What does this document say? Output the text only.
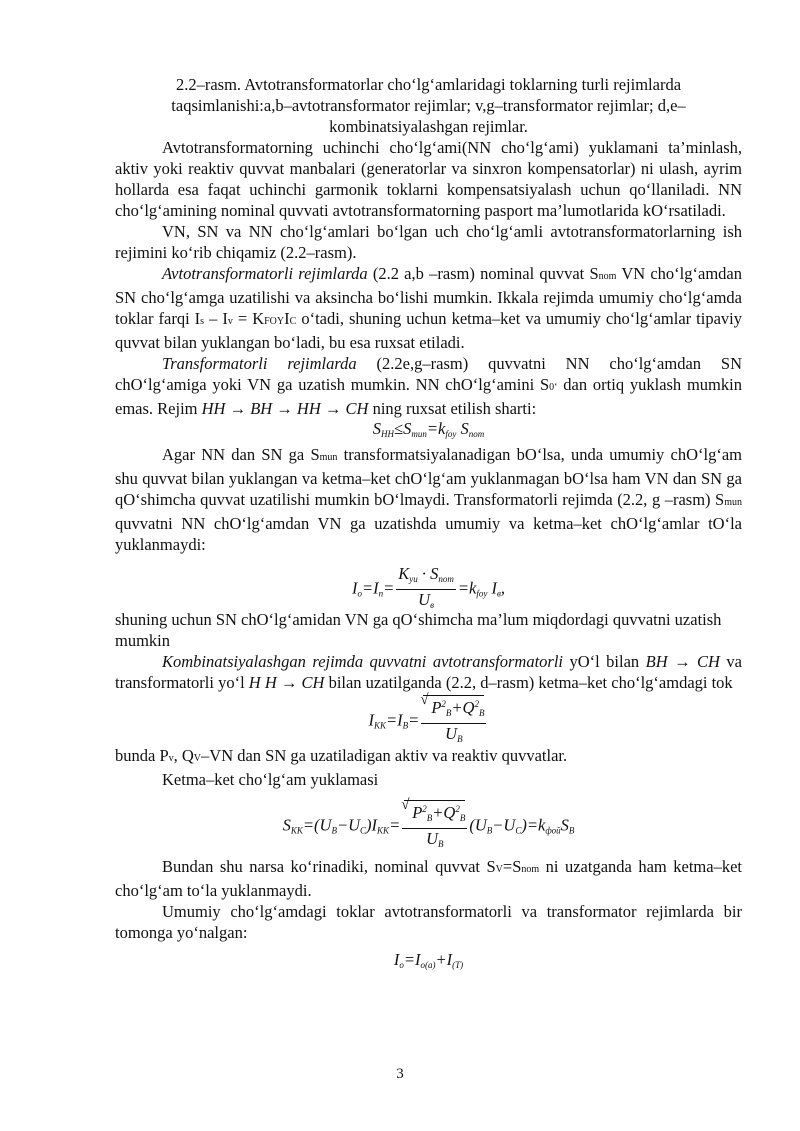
2.2–rasm. Avtotransformatorlar cho‘lg‘amlaridagi toklarning turli rejimlarda taqsimlanishi:a,b–avtotransformator rejimlar; v,g–transformator rejimlar; d,e–kombinatsiyalashgan rejimlar.

Avtotransformatorning uchinchi cho‘lg‘ami(NN cho‘lg‘ami) yuklamani ta’minlash, aktiv yoki reaktiv quvvat manbalari (generatorlar va sinxron kompensatorlar) ni ulash, ayrim hollarda esa faqat uchinchi garmonik toklarni kompensatsiyalash uchun qo‘llaniladi. NN cho‘lg‘amining nominal quvvati avtotransformatorning pasport ma’lumotlarida kO‘rsatiladi.

VN, SN va NN cho‘lg‘amlari bo‘lgan uch cho‘lg‘amli avtotransformatorlarning ish rejimini ko‘rib chiqamiz (2.2–rasm).

Avtotransformatorli rejimlarda (2.2 a,b –rasm) nominal quvvat Snom VN cho‘lg‘amdan SN cho‘lg‘amga uzatilishi va aksincha bo‘lishi mumkin. Ikkala rejimda umumiy cho‘lg‘amda toklar farqi Is – Iv = KFOYIC o‘tadi, shuning uchun ketma–ket va umumiy cho‘lg‘amlar tipaviy quvvat bilan yuklangan bo‘ladi, bu esa ruxsat etiladi.

Transformatorli rejimlarda (2.2e,g–rasm) quvvatni NN cho‘lg‘amdan SN chO‘lg‘amiga yoki VN ga uzatish mumkin. NN chO‘lg‘amini S0‘ dan ortiq yuklash mumkin emas. Rejim HH → BH → HH → CH ning ruxsat etilish sharti:

$S_{HH}\le S_{mun}=k_{foy}$ $S_{nom}$

Agar NN dan SN ga Smun transformatsiyalanadigan bO‘lsa, unda umumiy chO‘lg‘am shu quvvat bilan yuklangan va ketma–ket chO‘lg‘am yuklanmagan bO‘lsa ham VN dan SN ga qO‘shimcha quvvat uzatilishi mumkin bO‘lmaydi. Transformatorli rejimda (2.2, g –rasm) Smun quvvatni NN chO‘lg‘amdan VN ga uzatishda umumiy va ketma–ket chO‘lg‘amlar tO‘la yuklanmaydi:

$I_o=I_п= \frac{K_{уи} \cdot S_{nom}}{U_в} =k_{foy}$ $I_в$,

shuning uchun SN chO‘lg‘amidan VN ga qO‘shimcha ma’lum miqdordagi quvvatni uzatish mumkin

Kombinatsiyalashgan rejimda quvvatni avtotransformatorli yO‘l bilan BH → CH va transformatorli yo‘l H H → CH bilan uzatilganda (2.2, d–rasm) ketma–ket cho‘lg‘amdagi tok

$I_{KK}=I_B=$ √ $\frac{P^2_B+Q^2_B}{U_B}$

bunda Pv, QV–VN dan SN ga uzatiladigan aktiv va reaktiv quvvatlar.

Ketma–ket cho‘lg‘am yuklamasi

$S_{KK}=(U_B-U_C)I_{KK}=$ √ $\frac{P^2_B+Q^2_B}{U_B} (U_B-U_C)=k_{фой}S_B$

Bundan shu narsa ko‘rinadiki, nominal quvvat SV=Snom ni uzatganda ham ketma–ket cho‘lg‘am to‘la yuklanmaydi.

Umumiy cho‘lg‘amdagi toklar avtotransformatorli va transformator rejimlarda bir tomonga yo‘nalgan:

$I_o=I_{o(a)}+I_{(T)}$

3
